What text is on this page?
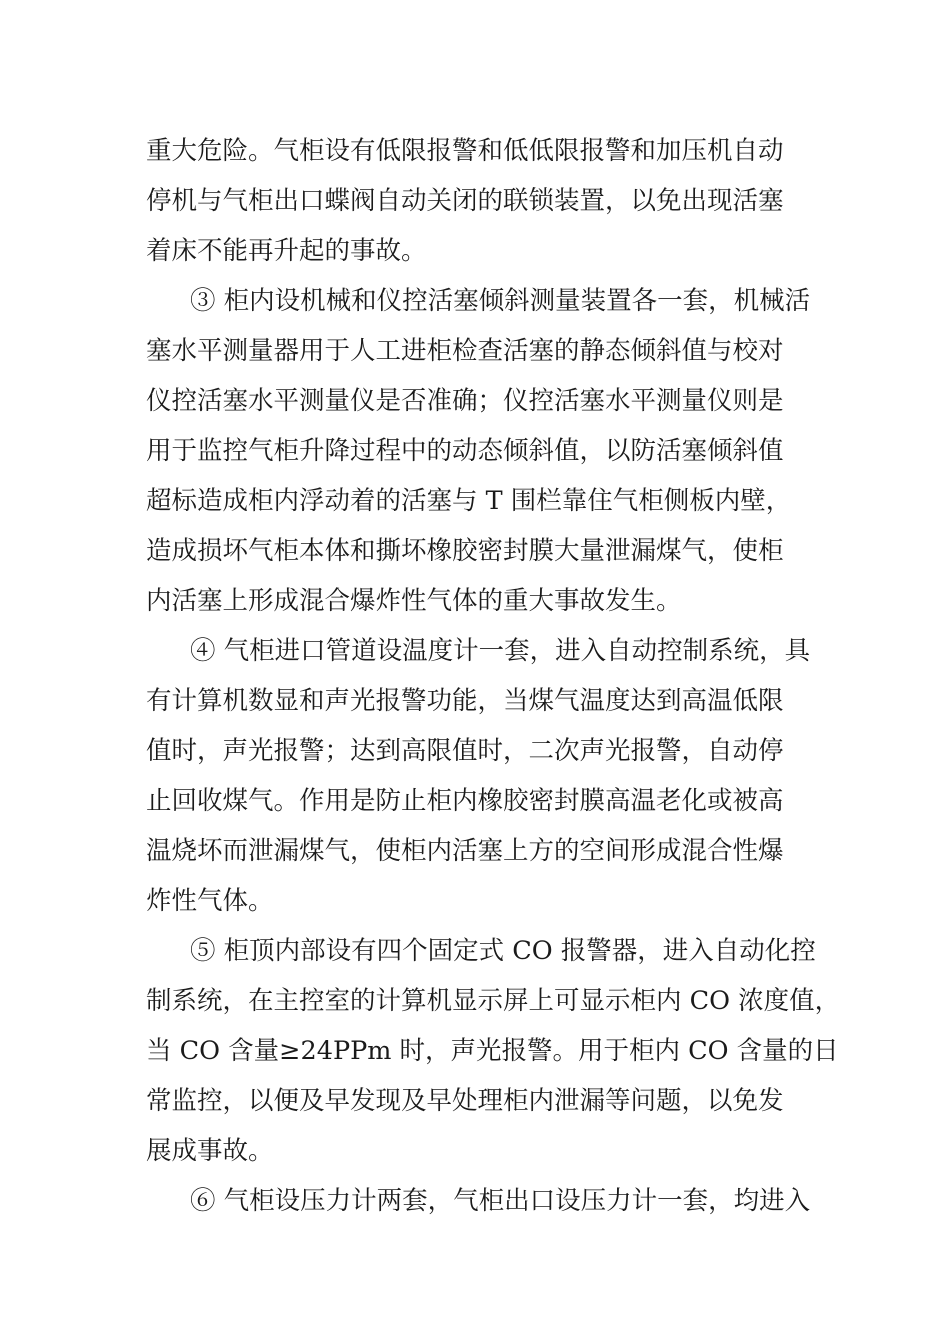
重大危险。气柜设有低限报警和低低限报警和加压机自动
停机与气柜出口蝶阀自动关闭的联锁装置，以免出现活塞
着床不能再升起的事故。
③ 柜内设机械和仪控活塞倾斜测量装置各一套，机械活
塞水平测量器用于人工进柜检查活塞的静态倾斜值与校对
仪控活塞水平测量仪是否准确；仪控活塞水平测量仪则是
用于监控气柜升降过程中的动态倾斜值，以防活塞倾斜值
超标造成柜内浮动着的活塞与 T 围栏靠住气柜侧板内壁，
造成损坏气柜本体和撕坏橡胶密封膜大量泄漏煤气，使柜
内活塞上形成混合爆炸性气体的重大事故发生。
④ 气柜进口管道设温度计一套，进入自动控制系统，具
有计算机数显和声光报警功能，当煤气温度达到高温低限
值时，声光报警；达到高限值时，二次声光报警，自动停
止回收煤气。作用是防止柜内橡胶密封膜高温老化或被高
温烧坏而泄漏煤气，使柜内活塞上方的空间形成混合性爆
炸性气体。
⑤ 柜顶内部设有四个固定式 CO 报警器，进入自动化控
制系统，在主控室的计算机显示屏上可显示柜内 CO 浓度值，
当 CO 含量≥24PPm 时，声光报警。用于柜内 CO 含量的日
常监控，以便及早发现及早处理柜内泄漏等问题，以免发
展成事故。
⑥ 气柜设压力计两套，气柜出口设压力计一套，均进入
